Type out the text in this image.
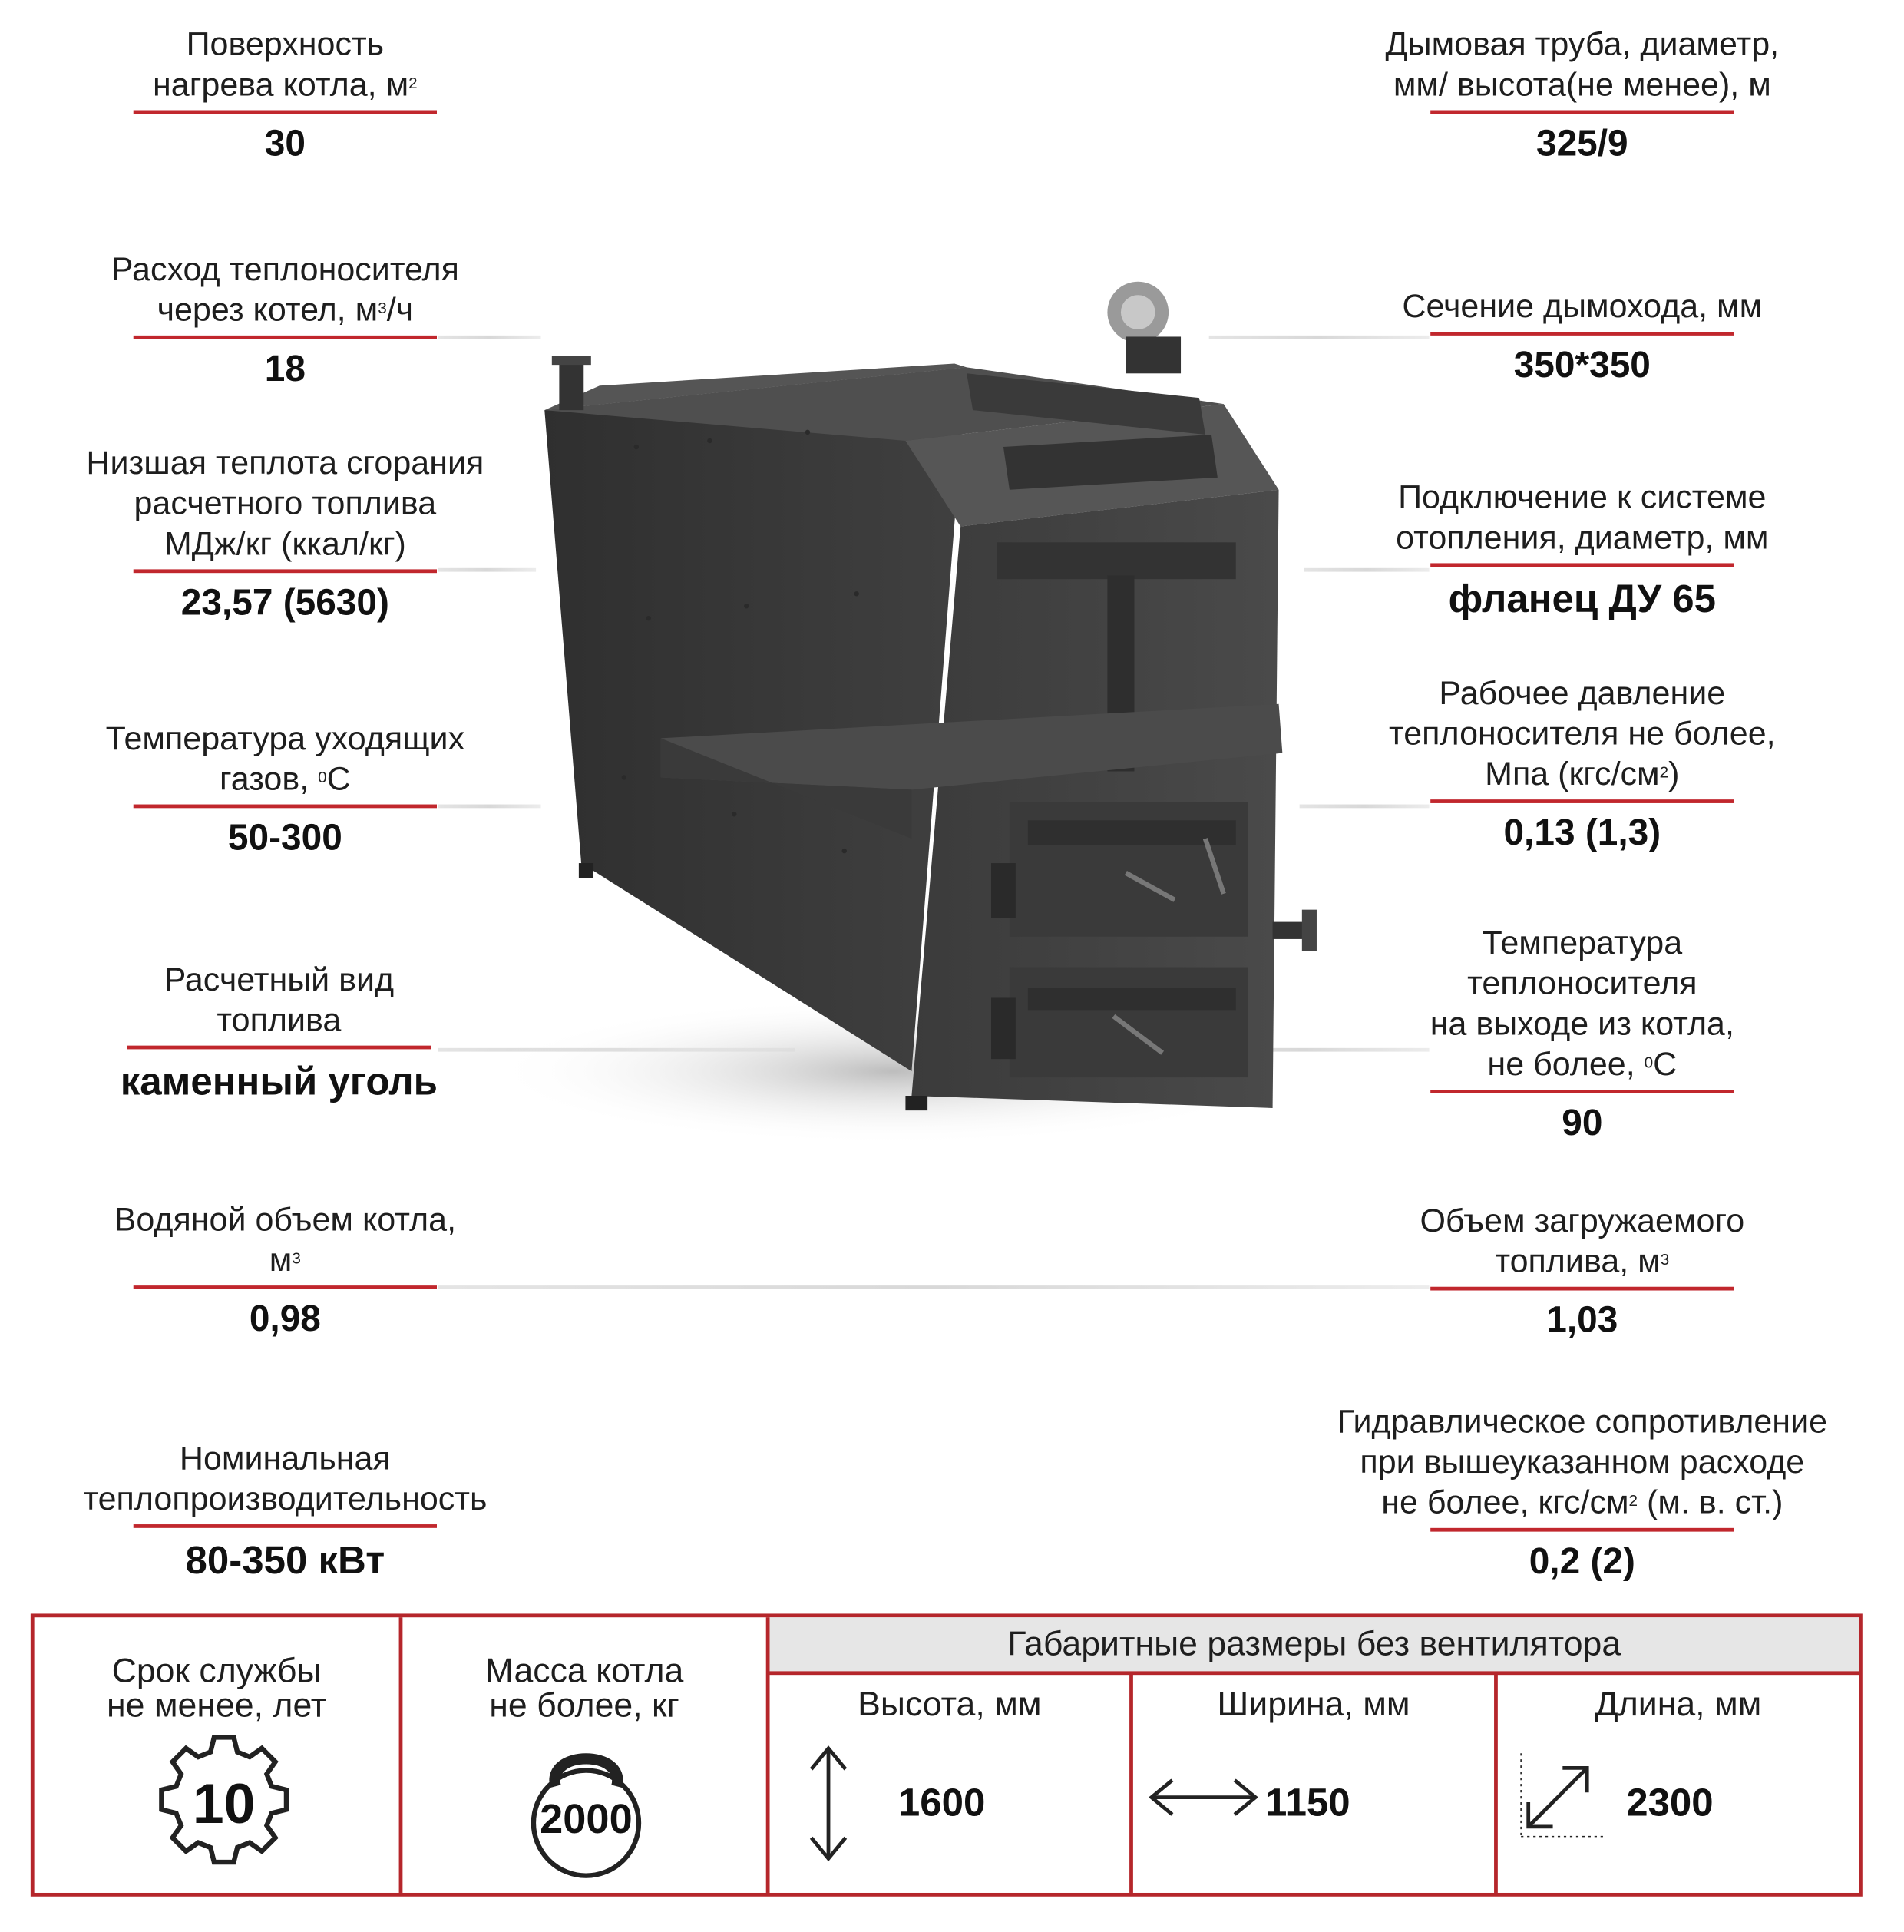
Поверхность
нагрева котла, $м^2$
30
Расход теплоносителя
через котел, $м^3/ч$
18
Низшая теплота сгорания
расчетного топлива
МДж/кг (ккал/кг)
23,57 (5630)
Температура уходящих
газов, $^0$С
50-300
Расчетный вид
топлива
каменный уголь
Водяной объем котла,
$м^3$
0,98
Номинальная
теплопроизводительность
80-350 кВт
Дымовая труба, диаметр,
мм/ высота(не менее), м
325/9
Сечение дымохода, мм
350*350
Подключение к системе
отопления, диаметр, мм
фланец ДУ 65
Рабочее давление
теплоносителя не более,
Мпа $(кгс/см^2)$
0,13 (1,3)
Температура теплоносителя
на выходе из котла,
не более, $^0$С
90
Объем загружаемого
топлива, $м^3$
1,03
Гидравлическое сопротивление
при вышеуказанном расходе
не более, кгс/$см^2$ (м. в. ст.)
0,2 (2)
Срок службы
не менее, лет
10
Масса котла
не более, кг
2000
Габаритные размеры без вентилятора
Высота, мм
1600
Ширина, мм
1150
Длина, мм
2300
